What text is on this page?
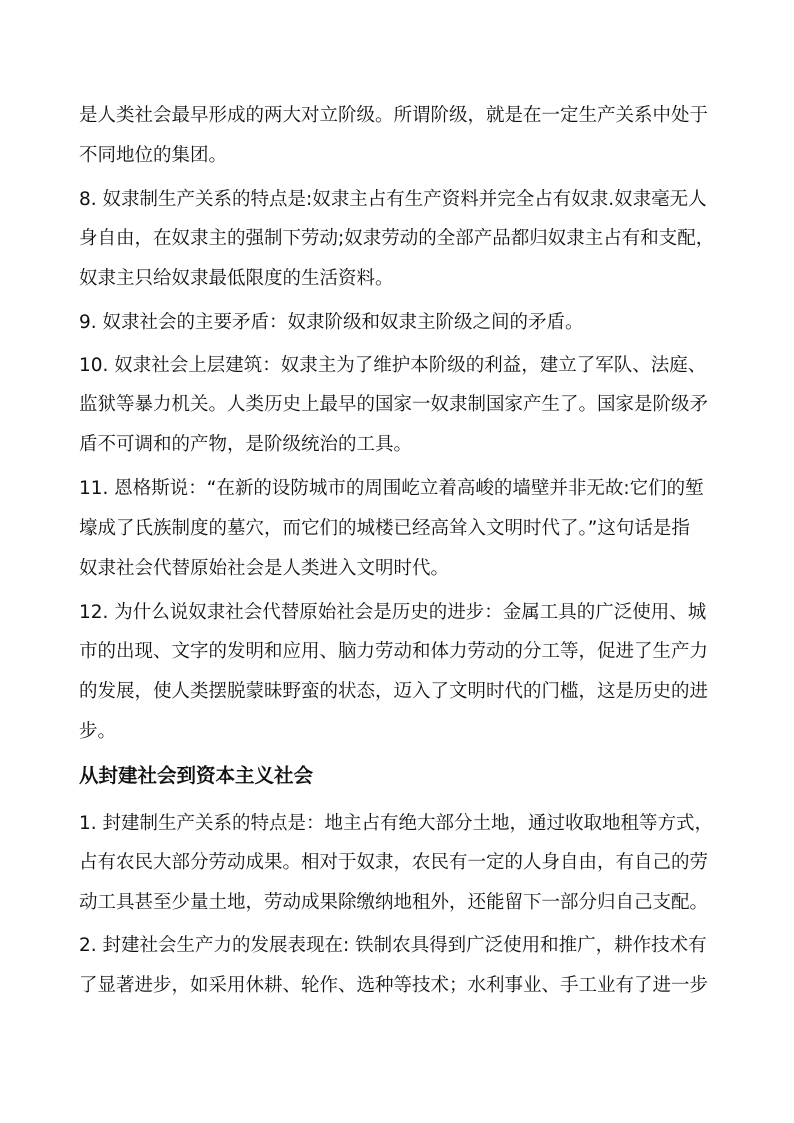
是人类社会最早形成的两大对立阶级。所谓阶级，就是在一定生产关系中处于
不同地位的集团。
8. 奴隶制生产关系的特点是:奴隶主占有生产资料并完全占有奴隶.奴隶毫无人
身自由，在奴隶主的强制下劳动;奴隶劳动的全部产品都归奴隶主占有和支配，
奴隶主只给奴隶最低限度的生活资料。
9. 奴隶社会的主要矛盾：奴隶阶级和奴隶主阶级之间的矛盾。
10. 奴隶社会上层建筑：奴隶主为了维护本阶级的利益，建立了军队、法庭、
监狱等暴力机关。人类历史上最早的国家一奴隶制国家产生了。国家是阶级矛
盾不可调和的产物，是阶级统治的工具。
11. 恩格斯说：“在新的设防城市的周围屹立着高峻的墙壁并非无故:它们的堑
壕成了氏族制度的墓穴，而它们的城楼已经高耸入文明时代了。”这句话是指
奴隶社会代替原始社会是人类进入文明时代。
12. 为什么说奴隶社会代替原始社会是历史的进步：金属工具的广泛使用、城
市的出现、文字的发明和应用、脑力劳动和体力劳动的分工等，促进了生产力
的发展，使人类摆脱蒙昧野蛮的状态，迈入了文明时代的门槛，这是历史的进
步。
从封建社会到资本主义社会
1. 封建制生产关系的特点是：地主占有绝大部分土地，通过收取地租等方式，
占有农民大部分劳动成果。相对于奴隶，农民有一定的人身自由，有自己的劳
动工具甚至少量土地，劳动成果除缴纳地租外，还能留下一部分归自己支配。
2. 封建社会生产力的发展表现在: 铁制农具得到广泛使用和推广，耕作技术有
了显著进步，如采用休耕、轮作、选种等技术；水利事业、手工业有了进一步
